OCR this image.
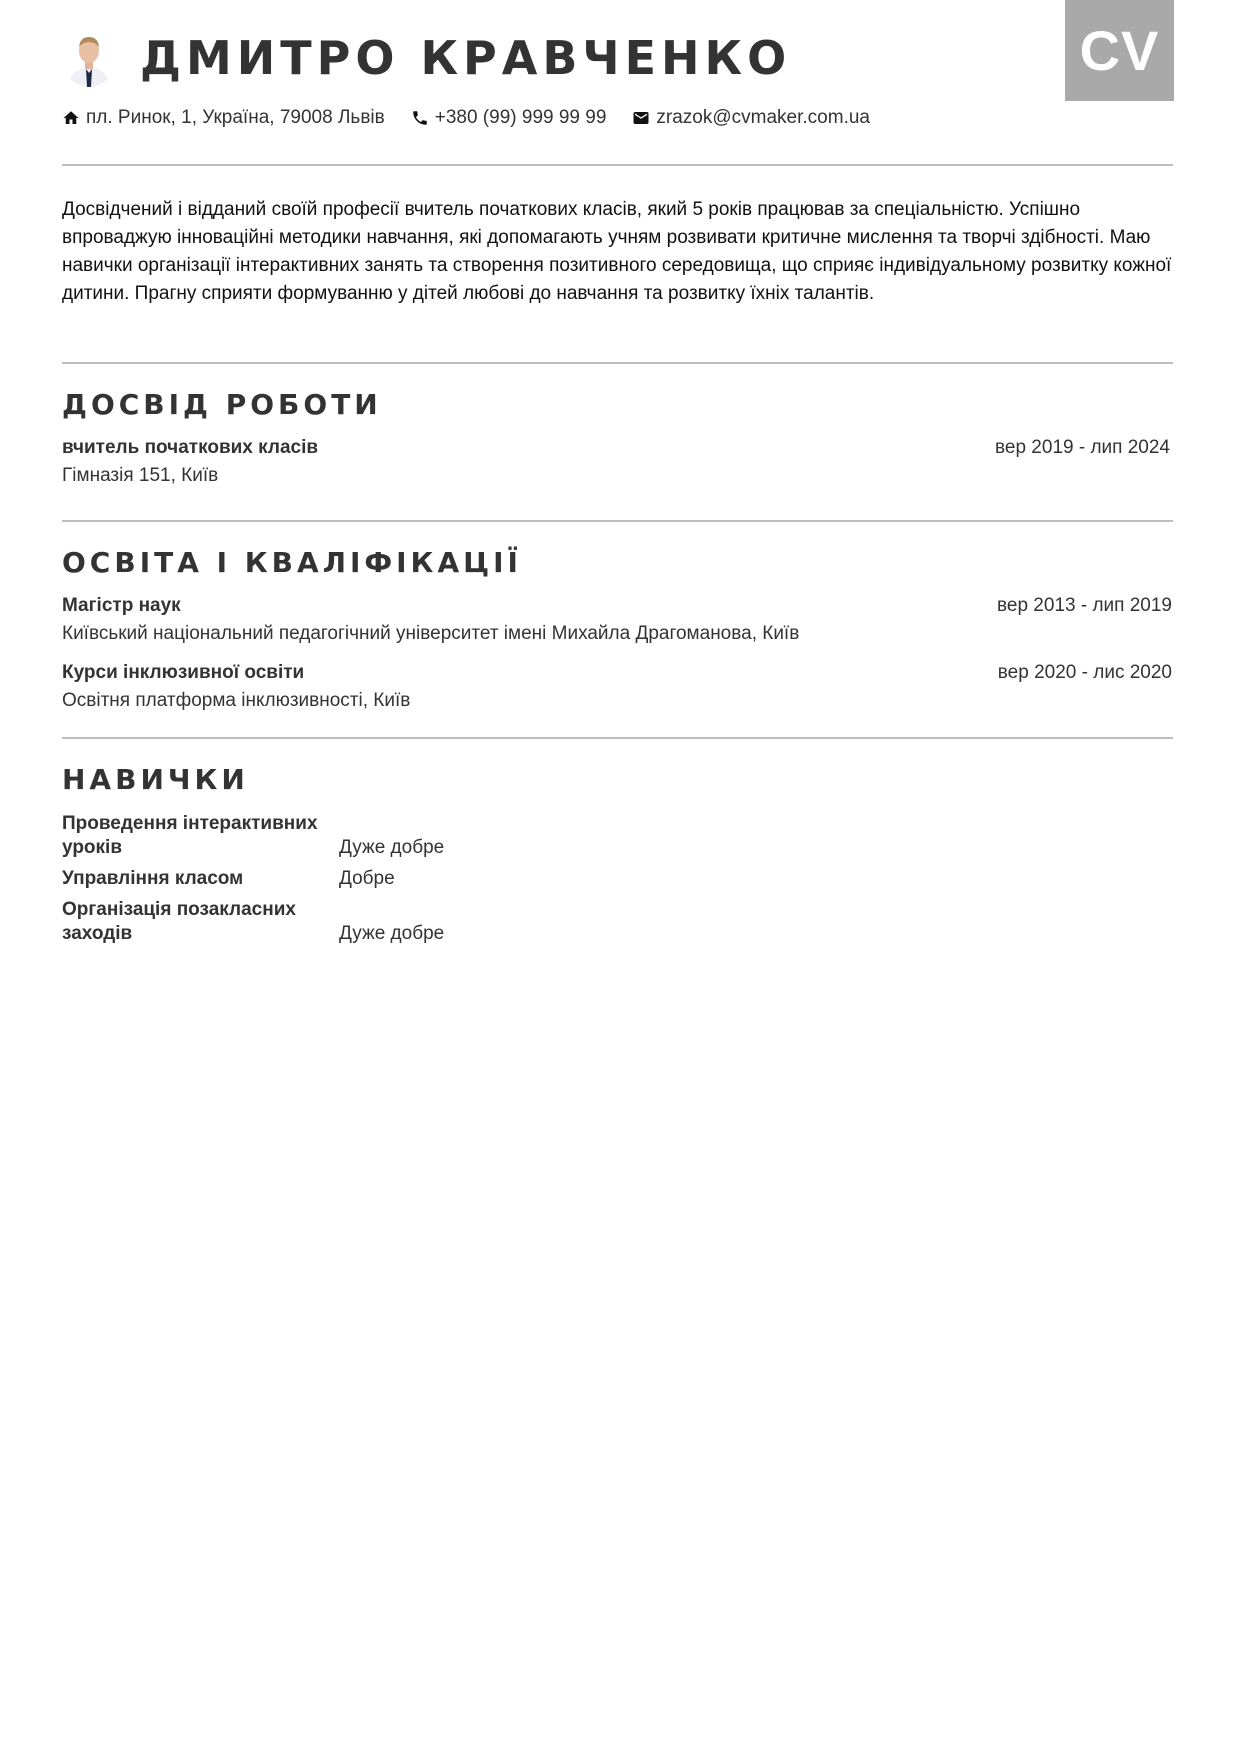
CV
ДМИТРО КРАВЧЕНКО
пл. Ринок, 1, Україна, 79008 Львів	+380 (99) 999 99 99	zrazok@cvmaker.com.ua
Досвідчений і відданий своїй професії вчитель початкових класів, який 5 років працював за спеціальністю. Успішно впроваджую інноваційні методики навчання, які допомагають учням розвивати критичне мислення та творчі здібності. Маю навички організації інтерактивних занять та створення позитивного середовища, що сприяє індивідуальному розвитку кожної дитини. Прагну сприяти формуванню у дітей любові до навчання та розвитку їхніх талантів.
ДОСВІД РОБОТИ
вчитель початкових класів	вер 2019 - лип 2024
Гімназія 151, Київ
ОСВІТА І КВАЛІФІКАЦІЇ
Магістр наук	вер 2013 - лип 2019
Київський національний педагогічний університет імені Михайла Драгоманова, Київ
Курси інклюзивної освіти	вер 2020 - лис 2020
Освітня платформа інклюзивності, Київ
НАВИЧКИ
Проведення інтерактивних уроків	Дуже добре
Управління класом	Добре
Організація позакласних заходів	Дуже добре
